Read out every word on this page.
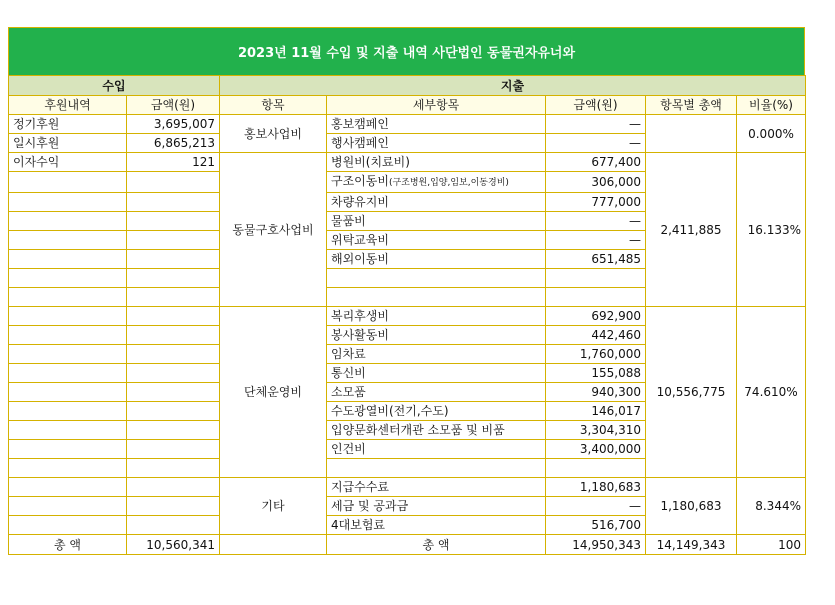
2023년 11월 수입 및 지출 내역 사단법인 동물권자유너와
수입		지출				
후원내역	금액(원)	항목	세부항목	금액(원)	항목별 총액	비율(%)
정기후원	3,695,007	홍보사업비	홍보캠페인	—		0.000%
일시후원	6,865,213		행사캠페인	—		
이자수익	121	동물구호사업비	병원비(치료비)	677,400	2,411,885	16.133%
			구조이동비(구조병원,입양,임보,이동경비)	306,000		
			차량유지비	777,000		
			물품비	—		
			위탁교육비	—		
			해외이동비	651,485		

		단체운영비	복리후생비	692,900	10,556,775	74.610%
			봉사활동비	442,460		
			임차료	1,760,000		
			통신비	155,088		
			소모품	940,300		
			수도광열비(전기,수도)	146,017		
			입양문화센터개관 소모품 및 비품	3,304,310		
			인건비	3,400,000		

		기타	지급수수료	1,180,683	1,180,683	8.344%
			세금 및 공과금	—		
			4대보험료	516,700		
총 액	10,560,341		총 액	14,950,343	14,149,343	100
